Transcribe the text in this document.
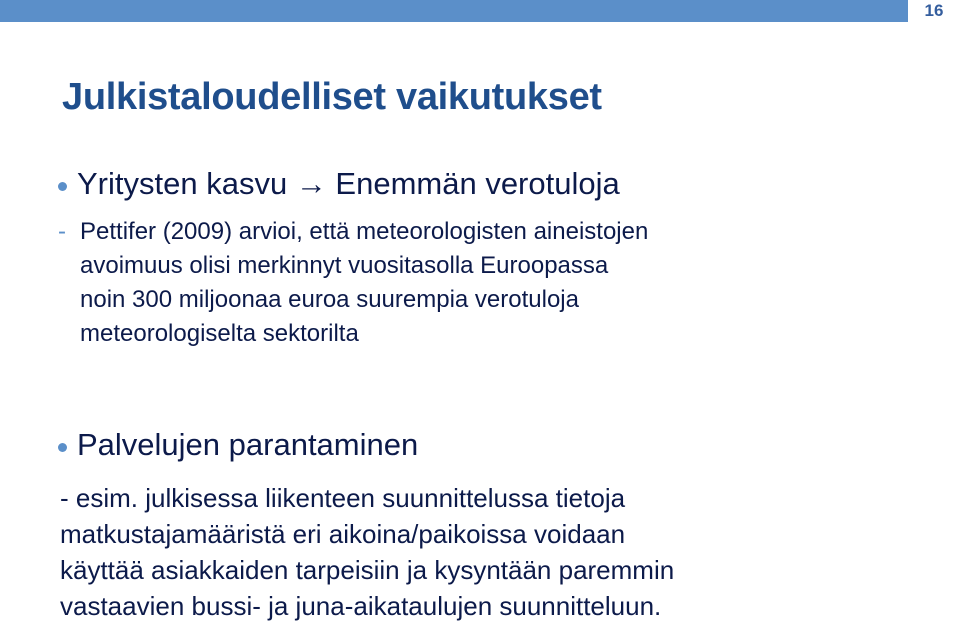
16
Julkistaloudelliset vaikutukset
Yritysten kasvu → Enemmän verotuloja
- Pettifer (2009) arvioi, että meteorologisten aineistojen
avoimuus olisi merkinnyt vuositasolla Euroopassa
noin 300 miljoonaa euroa suurempia verotuloja
meteorologiselta sektorilta
Palvelujen parantaminen
- esim. julkisessa liikenteen suunnittelussa tietoja
matkustajamääristä eri aikoina/paikoissa voidaan
käyttää asiakkaiden tarpeisiin ja kysyntään paremmin
vastaavien bussi- ja juna-aikataulujen suunnitteluun.
